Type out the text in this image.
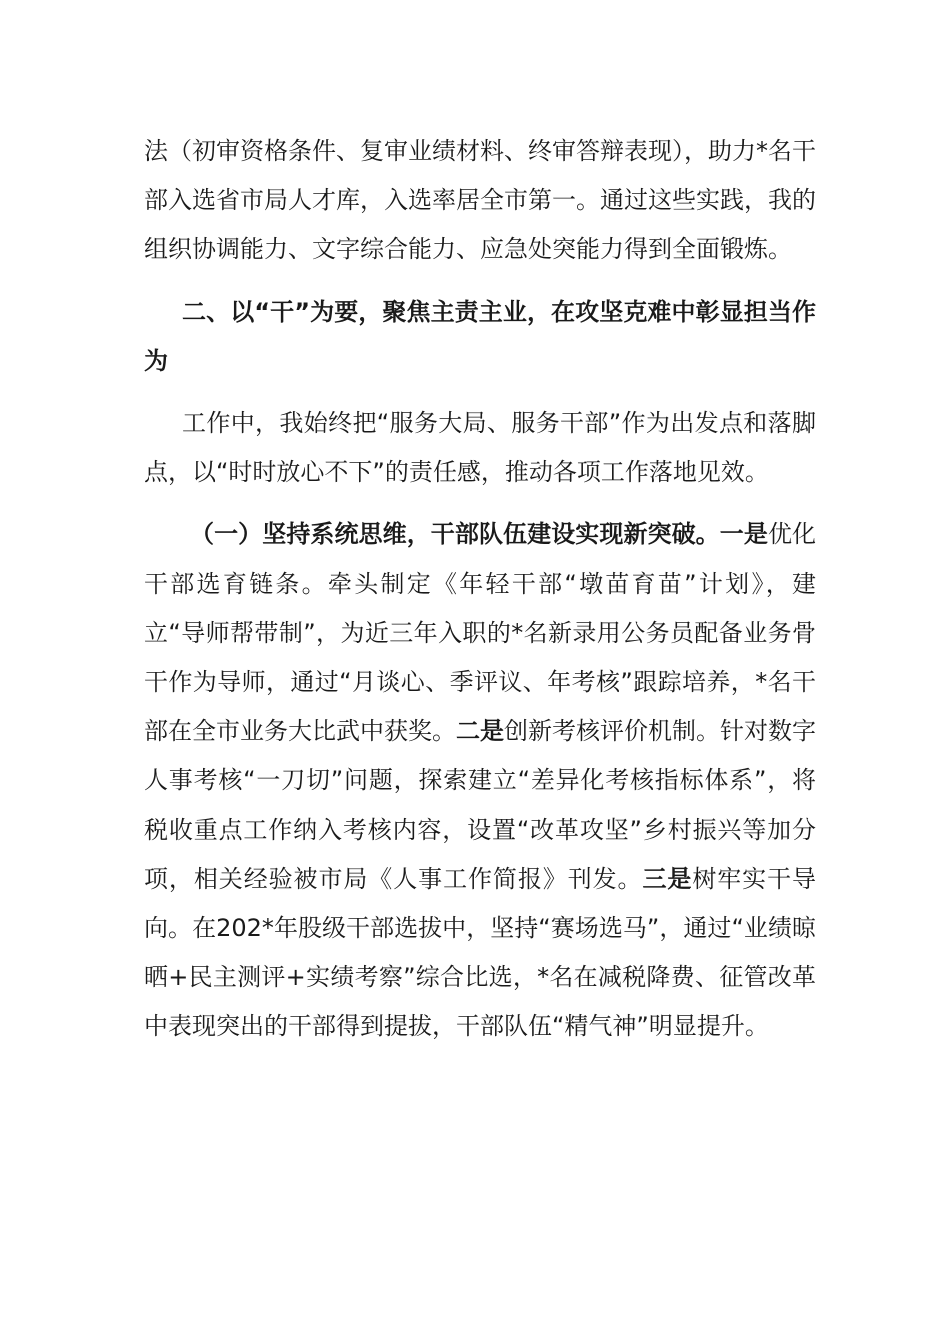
法（初审资格条件、复审业绩材料、终审答辩表现），助力*名干部入选省市局人才库，入选率居全市第一。通过这些实践，我的组织协调能力、文字综合能力、应急处突能力得到全面锻炼。

二、以“干”为要，聚焦主责主业，在攻坚克难中彰显担当作为

工作中，我始终把“服务大局、服务干部”作为出发点和落脚点，以“时时放心不下”的责任感，推动各项工作落地见效。

（一）坚持系统思维，干部队伍建设实现新突破。一是优化干部选育链条。牵头制定《年轻干部“墩苗育苗”计划》，建立“导师帮带制”，为近三年入职的*名新录用公务员配备业务骨干作为导师，通过“月谈心、季评议、年考核”跟踪培养，*名干部在全市业务大比武中获奖。二是创新考核评价机制。针对数字人事考核“一刀切”问题，探索建立“差异化考核指标体系”，将税收重点工作纳入考核内容，设置“改革攻坚”乡村振兴等加分项，相关经验被市局《人事工作简报》刊发。三是树牢实干导向。在202*年股级干部选拔中，坚持“赛场选马”，通过“业绩晾晒+民主测评+实绩考察”综合比选，*名在减税降费、征管改革中表现突出的干部得到提拔，干部队伍“精气神”明显提升。
